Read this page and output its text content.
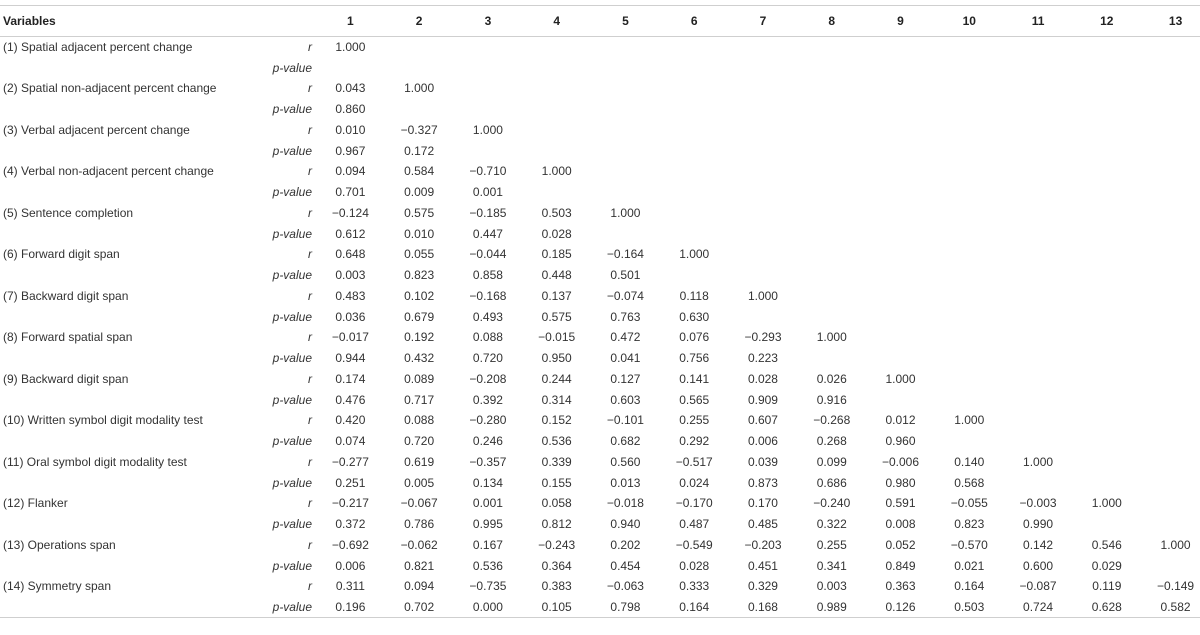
Variables		1	2	3	4	5	6	7	8	9	10	11	12	13
(1) Spatial adjacent percent change	r	1.000												
	p-value													
(2) Spatial non-adjacent percent change	r	0.043	1.000											
	p-value	0.860												
(3) Verbal adjacent percent change	r	0.010	−0.327	1.000										
	p-value	0.967	0.172											
(4) Verbal non-adjacent percent change	r	0.094	0.584	−0.710	1.000									
	p-value	0.701	0.009	0.001										
(5) Sentence completion	r	−0.124	0.575	−0.185	0.503	1.000								
	p-value	0.612	0.010	0.447	0.028									
(6) Forward digit span	r	0.648	0.055	−0.044	0.185	−0.164	1.000							
	p-value	0.003	0.823	0.858	0.448	0.501								
(7) Backward digit span	r	0.483	0.102	−0.168	0.137	−0.074	0.118	1.000						
	p-value	0.036	0.679	0.493	0.575	0.763	0.630							
(8) Forward spatial span	r	−0.017	0.192	0.088	−0.015	0.472	0.076	−0.293	1.000					
	p-value	0.944	0.432	0.720	0.950	0.041	0.756	0.223						
(9) Backward digit span	r	0.174	0.089	−0.208	0.244	0.127	0.141	0.028	0.026	1.000				
	p-value	0.476	0.717	0.392	0.314	0.603	0.565	0.909	0.916					
(10) Written symbol digit modality test	r	0.420	0.088	−0.280	0.152	−0.101	0.255	0.607	−0.268	0.012	1.000			
	p-value	0.074	0.720	0.246	0.536	0.682	0.292	0.006	0.268	0.960				
(11) Oral symbol digit modality test	r	−0.277	0.619	−0.357	0.339	0.560	−0.517	0.039	0.099	−0.006	0.140	1.000		
	p-value	0.251	0.005	0.134	0.155	0.013	0.024	0.873	0.686	0.980	0.568			
(12) Flanker	r	−0.217	−0.067	0.001	0.058	−0.018	−0.170	0.170	−0.240	0.591	−0.055	−0.003	1.000	
	p-value	0.372	0.786	0.995	0.812	0.940	0.487	0.485	0.322	0.008	0.823	0.990		
(13) Operations span	r	−0.692	−0.062	0.167	−0.243	0.202	−0.549	−0.203	0.255	0.052	−0.570	0.142	0.546	1.000
	p-value	0.006	0.821	0.536	0.364	0.454	0.028	0.451	0.341	0.849	0.021	0.600	0.029	
(14) Symmetry span	r	0.311	0.094	−0.735	0.383	−0.063	0.333	0.329	0.003	0.363	0.164	−0.087	0.119	−0.149
	p-value	0.196	0.702	0.000	0.105	0.798	0.164	0.168	0.989	0.126	0.503	0.724	0.628	0.582
